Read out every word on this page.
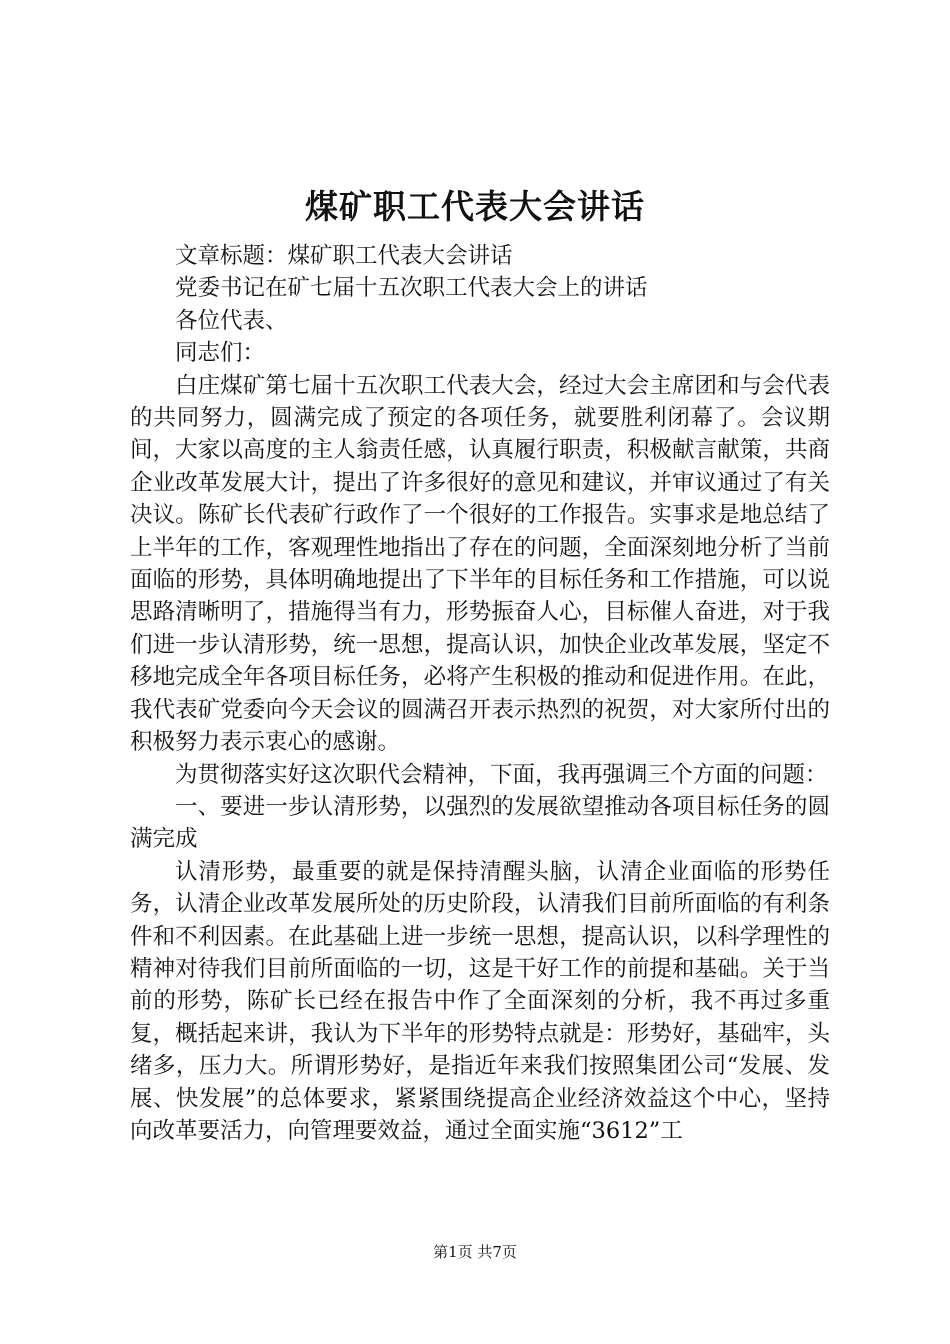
煤矿职工代表大会讲话

文章标题：煤矿职工代表大会讲话

党委书记在矿七届十五次职工代表大会上的讲话

各位代表、

同志们：

白庄煤矿第七届十五次职工代表大会，经过大会主席团和与会代表的共同努力，圆满完成了预定的各项任务，就要胜利闭幕了。会议期间，大家以高度的主人翁责任感，认真履行职责，积极献言献策，共商企业改革发展大计，提出了许多很好的意见和建议，并审议通过了有关决议。陈矿长代表矿行政作了一个很好的工作报告。实事求是地总结了上半年的工作，客观理性地指出了存在的问题，全面深刻地分析了当前面临的形势，具体明确地提出了下半年的目标任务和工作措施，可以说思路清晰明了，措施得当有力，形势振奋人心，目标催人奋进，对于我们进一步认清形势，统一思想，提高认识，加快企业改革发展，坚定不移地完成全年各项目标任务，必将产生积极的推动和促进作用。在此，我代表矿党委向今天会议的圆满召开表示热烈的祝贺，对大家所付出的积极努力表示衷心的感谢。

为贯彻落实好这次职代会精神，下面，我再强调三个方面的问题：

一、要进一步认清形势，以强烈的发展欲望推动各项目标任务的圆满完成

认清形势，最重要的就是保持清醒头脑，认清企业面临的形势任务，认清企业改革发展所处的历史阶段，认清我们目前所面临的有利条件和不利因素。在此基础上进一步统一思想，提高认识，以科学理性的精神对待我们目前所面临的一切，这是干好工作的前提和基础。关于当前的形势，陈矿长已经在报告中作了全面深刻的分析，我不再过多重复，概括起来讲，我认为下半年的形势特点就是：形势好，基础牢，头绪多，压力大。所谓形势好，是指近年来我们按照集团公司“发展、发展、快发展”的总体要求，紧紧围绕提高企业经济效益这个中心，坚持向改革要活力，向管理要效益，通过全面实施“3612”工

第1页 共7页
